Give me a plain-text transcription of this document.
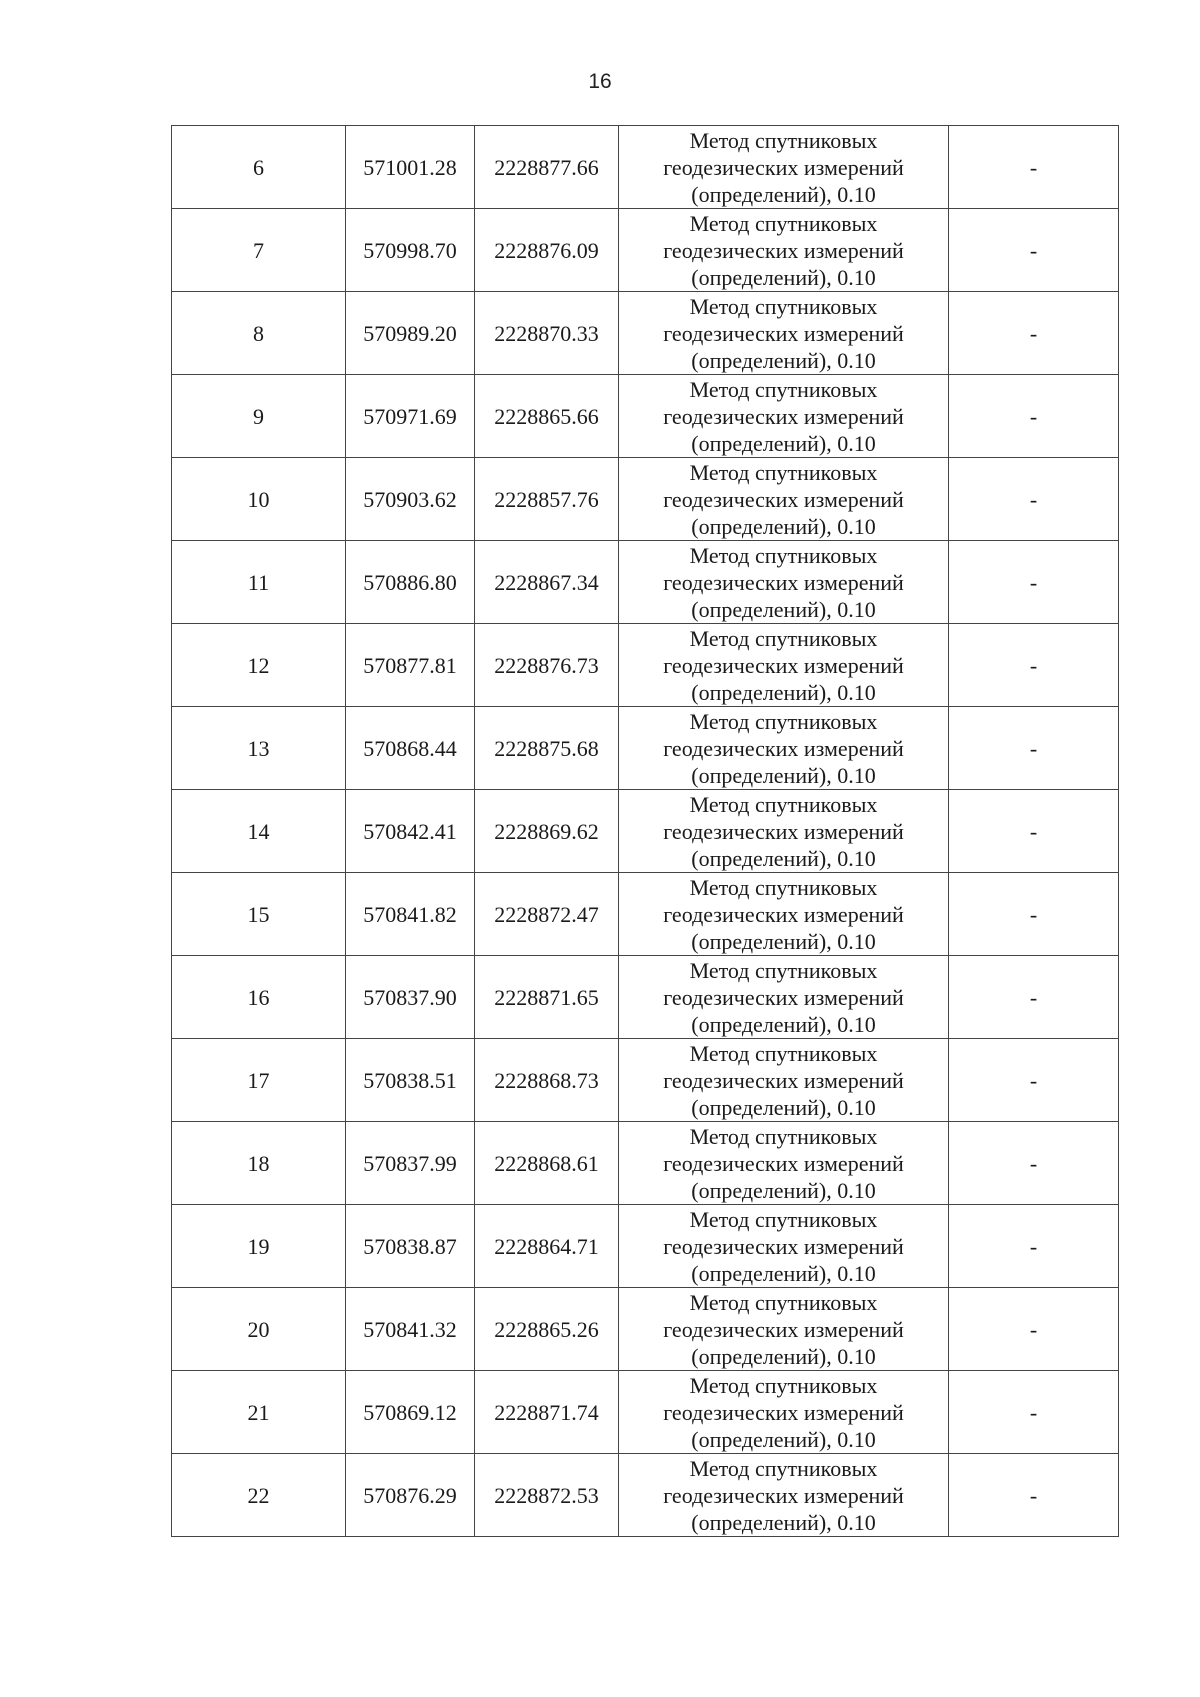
16
6	571001.28	2228877.66	Метод спутниковых
геодезических измерений
(определений), 0.10	-
7	570998.70	2228876.09	Метод спутниковых
геодезических измерений
(определений), 0.10	-
8	570989.20	2228870.33	Метод спутниковых
геодезических измерений
(определений), 0.10	-
9	570971.69	2228865.66	Метод спутниковых
геодезических измерений
(определений), 0.10	-
10	570903.62	2228857.76	Метод спутниковых
геодезических измерений
(определений), 0.10	-
11	570886.80	2228867.34	Метод спутниковых
геодезических измерений
(определений), 0.10	-
12	570877.81	2228876.73	Метод спутниковых
геодезических измерений
(определений), 0.10	-
13	570868.44	2228875.68	Метод спутниковых
геодезических измерений
(определений), 0.10	-
14	570842.41	2228869.62	Метод спутниковых
геодезических измерений
(определений), 0.10	-
15	570841.82	2228872.47	Метод спутниковых
геодезических измерений
(определений), 0.10	-
16	570837.90	2228871.65	Метод спутниковых
геодезических измерений
(определений), 0.10	-
17	570838.51	2228868.73	Метод спутниковых
геодезических измерений
(определений), 0.10	-
18	570837.99	2228868.61	Метод спутниковых
геодезических измерений
(определений), 0.10	-
19	570838.87	2228864.71	Метод спутниковых
геодезических измерений
(определений), 0.10	-
20	570841.32	2228865.26	Метод спутниковых
геодезических измерений
(определений), 0.10	-
21	570869.12	2228871.74	Метод спутниковых
геодезических измерений
(определений), 0.10	-
22	570876.29	2228872.53	Метод спутниковых
геодезических измерений
(определений), 0.10	-
